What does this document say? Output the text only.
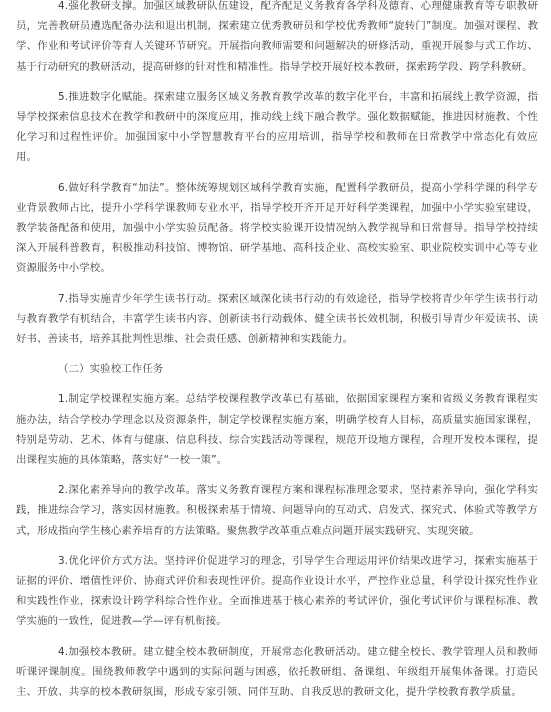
4.强化教研支撑。加强区域教研队伍建设，配齐配足义务教育各学科及德育、心理健康教育等专职教研员，完善教研员遴选配备办法和退出机制，探索建立优秀教研员和学校优秀教师“旋转门”制度。加强对课程、教学、作业和考试评价等育人关键环节研究。开展指向教师需要和问题解决的研修活动，重视开展参与式工作坊、基于行动研究的教研活动，提高研修的针对性和精准性。指导学校开展好校本教研，探索跨学段、跨学科教研。

5.推进数字化赋能。探索建立服务区域义务教育教学改革的数字化平台，丰富和拓展线上教学资源，指导学校探索信息技术在教学和教研中的深度应用，推动线上线下融合教学。强化数据赋能，推进因材施教、个性化学习和过程性评价。加强国家中小学智慧教育平台的应用培训，指导学校和教师在日常教学中常态化有效应用。

6.做好科学教育“加法”。整体统筹规划区域科学教育实施，配置科学教研员，提高小学科学课的科学专业背景教师占比，提升小学科学课教师专业水平，指导学校开齐开足开好科学类课程，加强中小学实验室建设，教学装备配备和使用，加强中小学实验员配备。将学校实验课开设情况纳入教学视导和日常督导。指导学校持续深入开展科普教育，积极推动科技馆、博物馆、研学基地、高科技企业、高校实验室、职业院校实训中心等专业资源服务中小学校。

7.指导实施青少年学生读书行动。探索区域深化读书行动的有效途径，指导学校将青少年学生读书行动与教育教学有机结合，丰富学生读书内容、创新读书行动载体、健全读书长效机制，积极引导青少年爱读书、读好书、善读书，培养其批判性思维、社会责任感、创新精神和实践能力。

（二）实验校工作任务

1.制定学校课程实施方案。总结学校课程教学改革已有基础，依据国家课程方案和省级义务教育课程实施办法，结合学校办学理念以及资源条件，制定学校课程实施方案，明确学校育人目标，高质量实施国家课程，特别是劳动、艺术、体育与健康、信息科技、综合实践活动等课程，规范开设地方课程，合理开发校本课程，提出课程实施的具体策略，落实好“一校一策”。

2.深化素养导向的教学改革。落实义务教育课程方案和课程标准理念要求，坚持素养导向，强化学科实践，推进综合学习，落实因材施教。积极探索基于情境、问题导向的互动式、启发式、探究式、体验式等教学方式，形成指向学生核心素养培育的方法策略。聚焦教学改革重点难点问题开展实践研究、实现突破。

3.优化评价方式方法。坚持评价促进学习的理念，引导学生合理运用评价结果改进学习，探索实施基于证据的评价、增值性评价、协商式评价和表现性评价。提高作业设计水平，严控作业总量，科学设计探究性作业和实践性作业，探索设计跨学科综合性作业。全面推进基于核心素养的考试评价，强化考试评价与课程标准、教学实施的一致性，促进教—学—评有机衔接。

4.加强校本教研。建立健全校本教研制度，开展常态化教研活动。建立健全校长、教学管理人员和教师听课评课制度。围绕教师教学中遇到的实际问题与困惑，依托教研组、备课组、年级组开展集体备课。打造民主、开放、共享的校本教研氛围，形成专家引领、同伴互助、自我反思的教研文化，提升学校教育教学质量。
